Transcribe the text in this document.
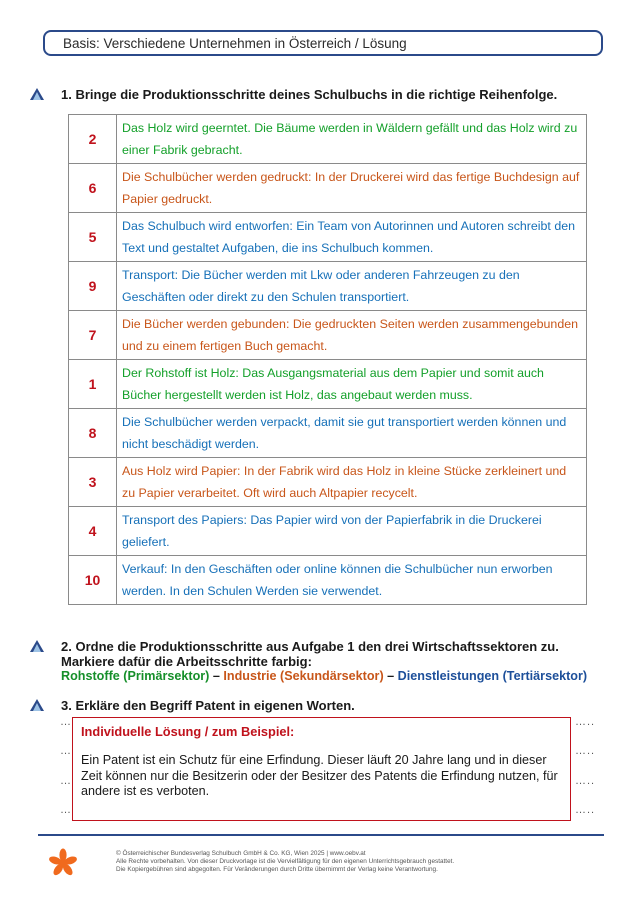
Basis: Verschiedene Unternehmen in Österreich / Lösung
1. Bringe die Produktionsschritte deines Schulbuchs in die richtige Reihenfolge.
2	Das Holz wird geerntet. Die Bäume werden in Wäldern gefällt und das Holz wird zu einer Fabrik gebracht.
6	Die Schulbücher werden gedruckt: In der Druckerei wird das fertige Buchdesign auf Papier gedruckt.
5	Das Schulbuch wird entworfen: Ein Team von Autorinnen und Autoren schreibt den Text und gestaltet Aufgaben, die ins Schulbuch kommen.
9	Transport: Die Bücher werden mit Lkw oder anderen Fahrzeugen zu den Geschäften oder direkt zu den Schulen transportiert.
7	Die Bücher werden gebunden: Die gedruckten Seiten werden zusammengebunden und zu einem fertigen Buch gemacht.
1	Der Rohstoff ist Holz: Das Ausgangsmaterial aus dem Papier und somit auch Bücher hergestellt werden ist Holz, das angebaut werden muss.
8	Die Schulbücher werden verpackt, damit sie gut transportiert werden können und nicht beschädigt werden.
3	Aus Holz wird Papier: In der Fabrik wird das Holz in kleine Stücke zerkleinert und zu Papier verarbeitet. Oft wird auch Altpapier recycelt.
4	Transport des Papiers: Das Papier wird von der Papierfabrik in die Druckerei geliefert.
10	Verkauf: In den Geschäften oder online können die Schulbücher nun erworben werden. In den Schulen Werden sie verwendet.
2. Ordne die Produktionsschritte aus Aufgabe 1 den drei Wirtschaftssektoren zu.
Markiere dafür die Arbeitsschritte farbig:
Rohstoffe (Primärsektor) – Industrie (Sekundärsektor) – Dienstleistungen (Tertiärsektor)
3. Erkläre den Begriff Patent in eigenen Worten.
…	…..
…	…..
…	…..
…	…..
Individuelle Lösung / zum Beispiel:
Ein Patent ist ein Schutz für eine Erfindung. Dieser läuft 20 Jahre lang und in dieser Zeit können nur die Besitzerin oder der Besitzer des Patents die Erfindung nutzen, für andere ist es verboten.
© Österreichischer Bundesverlag Schulbuch GmbH & Co. KG, Wien 2025 | www.oebv.at
Alle Rechte vorbehalten. Von dieser Druckvorlage ist die Vervielfältigung für den eigenen Unterrichtsgebrauch gestattet.
Die Kopiergebühren sind abgegolten. Für Veränderungen durch Dritte übernimmt der Verlag keine Verantwortung.
